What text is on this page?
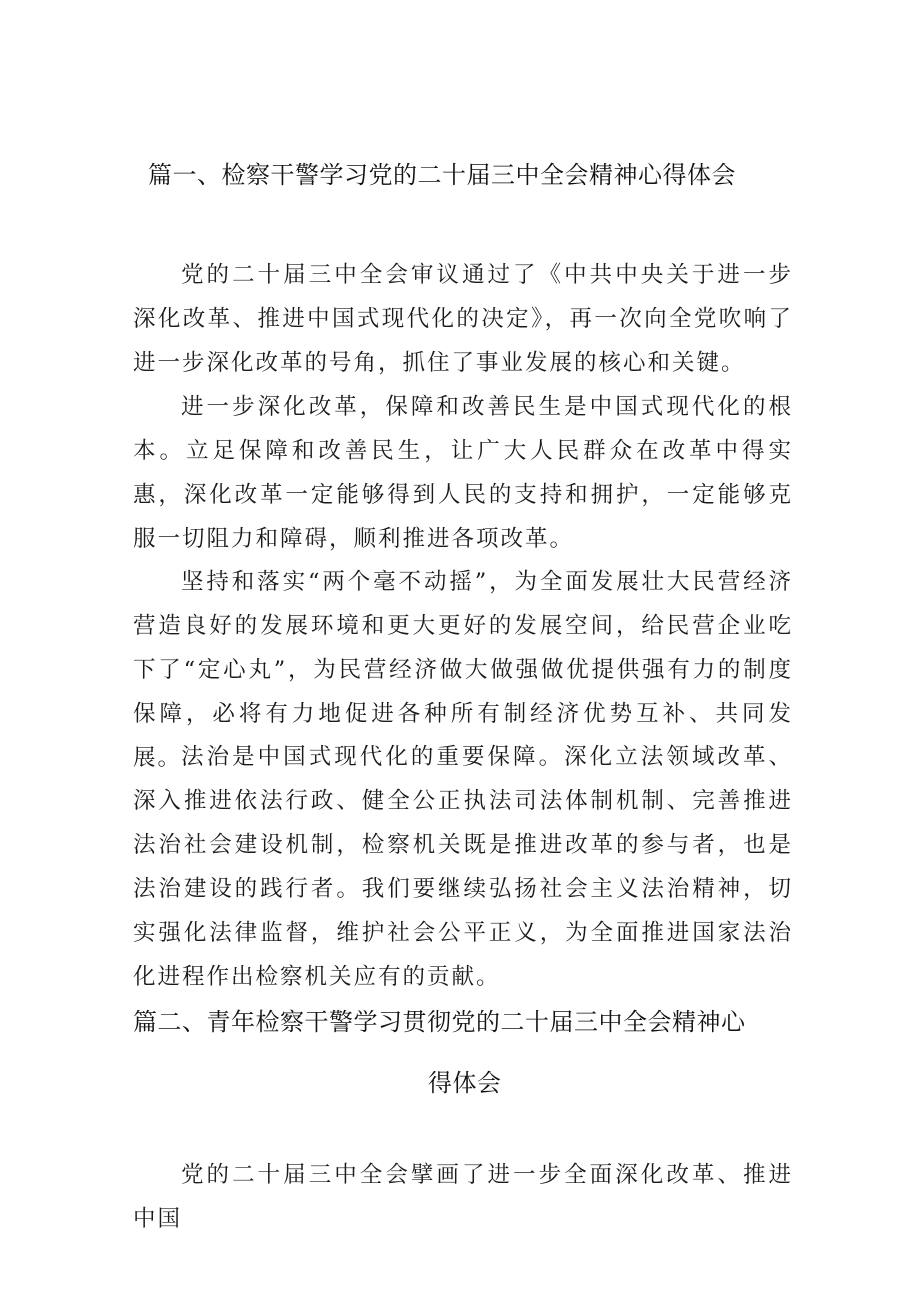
篇一、检察干警学习党的二十届三中全会精神心得体会

党的二十届三中全会审议通过了《中共中央关于进一步深化改革、推进中国式现代化的决定》，再一次向全党吹响了进一步深化改革的号角，抓住了事业发展的核心和关键。

进一步深化改革，保障和改善民生是中国式现代化的根本。立足保障和改善民生，让广大人民群众在改革中得实惠，深化改革一定能够得到人民的支持和拥护，一定能够克服一切阻力和障碍，顺利推进各项改革。

坚持和落实“两个毫不动摇”，为全面发展壮大民营经济营造良好的发展环境和更大更好的发展空间，给民营企业吃下了“定心丸”，为民营经济做大做强做优提供强有力的制度保障，必将有力地促进各种所有制经济优势互补、共同发展。

法治是中国式现代化的重要保障。深化立法领域改革、深入推进依法行政、健全公正执法司法体制机制、完善推进法治社会建设机制，检察机关既是推进改革的参与者，也是法治建设的践行者。我们要继续弘扬社会主义法治精神，切实强化法律监督，维护社会公平正义，为全面推进国家法治化进程作出检察机关应有的贡献。

篇二、青年检察干警学习贯彻党的二十届三中全会精神心
得体会

党的二十届三中全会擘画了进一步全面深化改革、推进中国
